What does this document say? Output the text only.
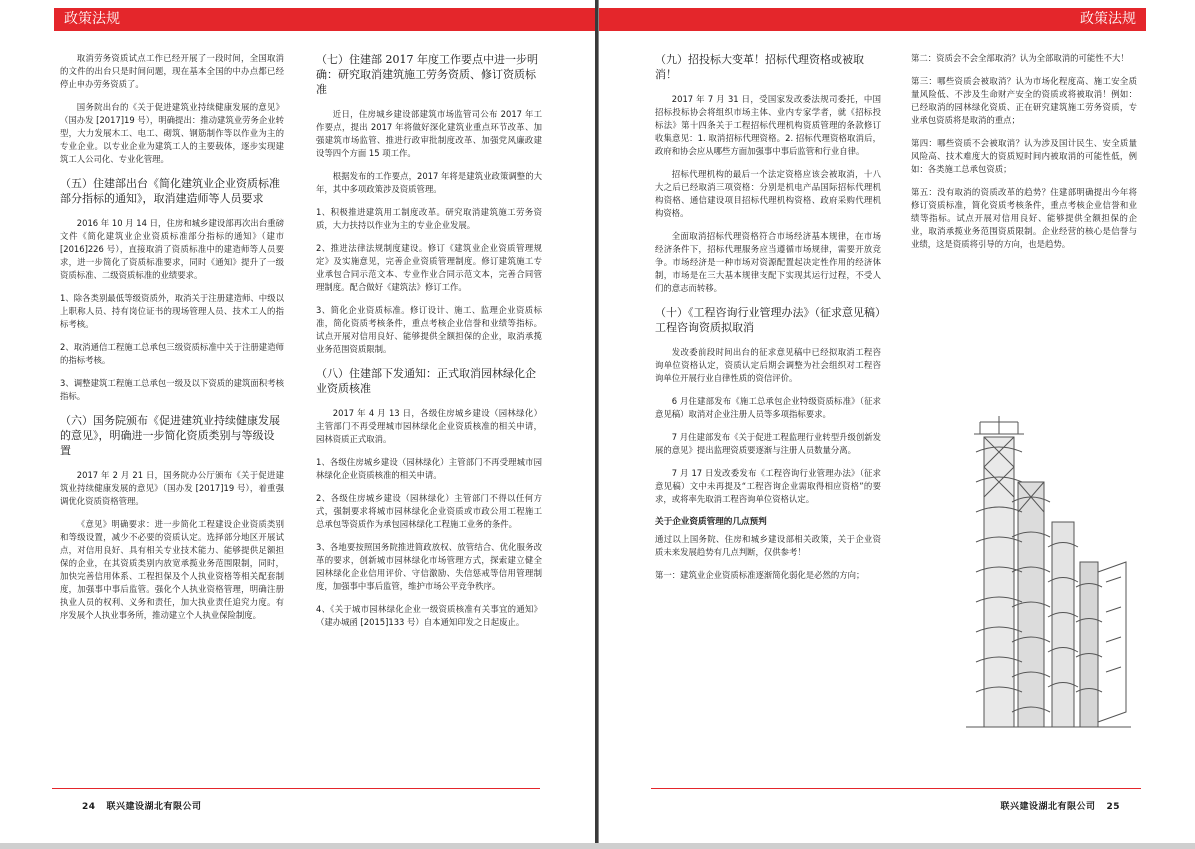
政策法规

取消劳务资质试点工作已经开展了一段时间，全国取消的文件的出台只是时间问题，现在基本全国的中办点都已经停止申办劳务资质了。

国务院出台的《关于促进建筑业持续健康发展的意见》（国办发 [2017]19 号），明确提出：推动建筑业劳务企业转型，大力发展木工、电工、砌筑、钢筋制作等以作业为主的专业企业。以专业企业为建筑工人的主要载体，逐步实现建筑工人公司化、专业化管理。

（五）住建部出台《简化建筑业企业资质标准部分指标的通知》，取消建造师等人员要求

2016 年 10 月 14 日，住房和城乡建设部再次出台重磅文件《简化建筑业企业资质标准部分指标的通知》（建市 [2016]226 号），直接取消了资质标准中的建造师等人员要求，进一步简化了资质标准要求，同时《通知》提升了一级资质标准、二级资质标准的业绩要求。

1、除各类别最低等级资质外，取消关于注册建造师、中级以上职称人员、持有岗位证书的现场管理人员、技术工人的指标考核。

2、取消通信工程施工总承包三级资质标准中关于注册建造师的指标考核。

3、调整建筑工程施工总承包一级及以下资质的建筑面积考核指标。

（六）国务院颁布《促进建筑业持续健康发展的意见》，明确进一步简化资质类别与等级设置

2017 年 2 月 21 日，国务院办公厅颁布《关于促进建筑业持续健康发展的意见》（国办发 [2017]19 号），着重强调优化资质资格管理。

《意见》明确要求：进一步简化工程建设企业资质类别和等级设置，减少不必要的资质认定。选择部分地区开展试点，对信用良好、具有相关专业技术能力、能够提供足额担保的企业，在其资质类别内放宽承揽业务范围限制，同时，加快完善信用体系、工程担保及个人执业资格等相关配套制度，加强事中事后监管。强化个人执业资格管理，明确注册执业人员的权利、义务和责任，加大执业责任追究力度。有序发展个人执业事务所，推动建立个人执业保险制度。

（七）住建部 2017 年度工作要点中进一步明确：研究取消建筑施工劳务资质、修订资质标准

近日，住房城乡建设部建筑市场监管司公布 2017 年工作要点，提出 2017 年将做好深化建筑业重点环节改革、加强建筑市场监管、推进行政审批制度改革、加强党风廉政建设等四个方面 15 项工作。

根据发布的工作要点，2017 年将是建筑业政策调整的大年，其中多项政策涉及资质管理。

1、积极推进建筑用工制度改革。研究取消建筑施工劳务资质，大力扶持以作业为主的专业企业发展。

2、推进法律法规制度建设。修订《建筑业企业资质管理规定》及实施意见，完善企业资质管理制度。修订建筑施工专业承包合同示范文本、专业作业合同示范文本，完善合同管理制度。配合做好《建筑法》修订工作。

3、简化企业资质标准。修订设计、施工、监理企业资质标准，简化资质考核条件，重点考核企业信誉和业绩等指标。试点开展对信用良好、能够提供全额担保的企业，取消承揽业务范围资质限制。

（八）住建部下发通知：正式取消园林绿化企业资质核准

2017 年 4 月 13 日，各级住房城乡建设（园林绿化）主管部门不再受理城市园林绿化企业资质核准的相关申请，园林资质正式取消。

1、各级住房城乡建设（园林绿化）主管部门不再受理城市园林绿化企业资质核准的相关申请。

2、各级住房城乡建设（园林绿化）主管部门不得以任何方式，强制要求将城市园林绿化企业资质或市政公用工程施工总承包等资质作为承包园林绿化工程施工业务的条件。

3、各地要按照国务院推进简政放权、放管结合、优化服务改革的要求，创新城市园林绿化市场管理方式，探索建立健全园林绿化企业信用评价、守信激励、失信惩戒等信用管理制度，加强事中事后监管，维护市场公平竞争秩序。

4、《关于城市园林绿化企业一级资质核准有关事宜的通知》（建办城函 [2015]133 号）自本通知印发之日起废止。

24 联兴建设湖北有限公司
政策法规
（九）招投标大变革！招标代理资格或被取消！

2017 年 7 月 31 日，受国家发改委法规司委托，中国招标投标协会将组织市场主体、业内专家学者，就《招标投标法》第十四条关于工程招标代理机构资质管理的条款修订收集意见：1. 取消招标代理资格。2. 招标代理资格取消后，政府和协会应从哪些方面加强事中事后监管和行业自律。

招标代理机构的最后一个法定资格应该会被取消，十八大之后已经取消三项资格：分别是机电产品国际招标代理机构资格、通信建设项目招标代理机构资格、政府采购代理机构资格。

全面取消招标代理资格符合市场经济基本规律，在市场经济条件下，招标代理服务应当遵循市场规律，需要开放竞争。市场经济是一种市场对资源配置起决定性作用的经济体制，市场是在三大基本规律支配下实现其运行过程，不受人们的意志而转移。

（十）《工程咨询行业管理办法》（征求意见稿）工程咨询资质拟取消

发改委前段时间出台的征求意见稿中已经拟取消工程咨询单位资格认定，资质认定后期会调整为社会组织对工程咨询单位开展行业自律性质的资信评价。

6 月住建部发布《施工总承包企业特级资质标准》（征求意见稿）取消对企业注册人员等多项指标要求。

7 月住建部发布《关于促进工程监理行业转型升级创新发展的意见》提出监理资质要逐渐与注册人员数量分离。

7 月 17 日发改委发布《工程咨询行业管理办法》（征求意见稿）文中未再提及“工程咨询企业需取得相应资格”的要求，或将率先取消工程咨询单位资格认定。

关于企业资质管理的几点预判

通过以上国务院、住房和城乡建设部相关政策，关于企业资质未来发展趋势有几点判断，仅供参考！

第一：建筑业企业资质标准逐渐简化弱化是必然的方向；

第二：资质会不会全部取消？认为全部取消的可能性不大！

第三：哪些资质会被取消？认为市场化程度高、施工安全质量风险低、不涉及生命财产安全的资质或将被取消！例如：已经取消的园林绿化资质、正在研究建筑施工劳务资质，专业承包资质将是取消的重点；

第四：哪些资质不会被取消？认为涉及国计民生、安全质量风险高、技术难度大的资质短时间内被取消的可能性低，例如：各类施工总承包资质；

第五：没有取消的资质改革的趋势？住建部明确提出今年将修订资质标准，简化资质考核条件，重点考核企业信誉和业绩等指标。试点开展对信用良好、能够提供全额担保的企业，取消承揽业务范围资质限制。企业经营的核心是信誉与业绩，这是资质将引导的方向，也是趋势。

联兴建设湖北有限公司 25
